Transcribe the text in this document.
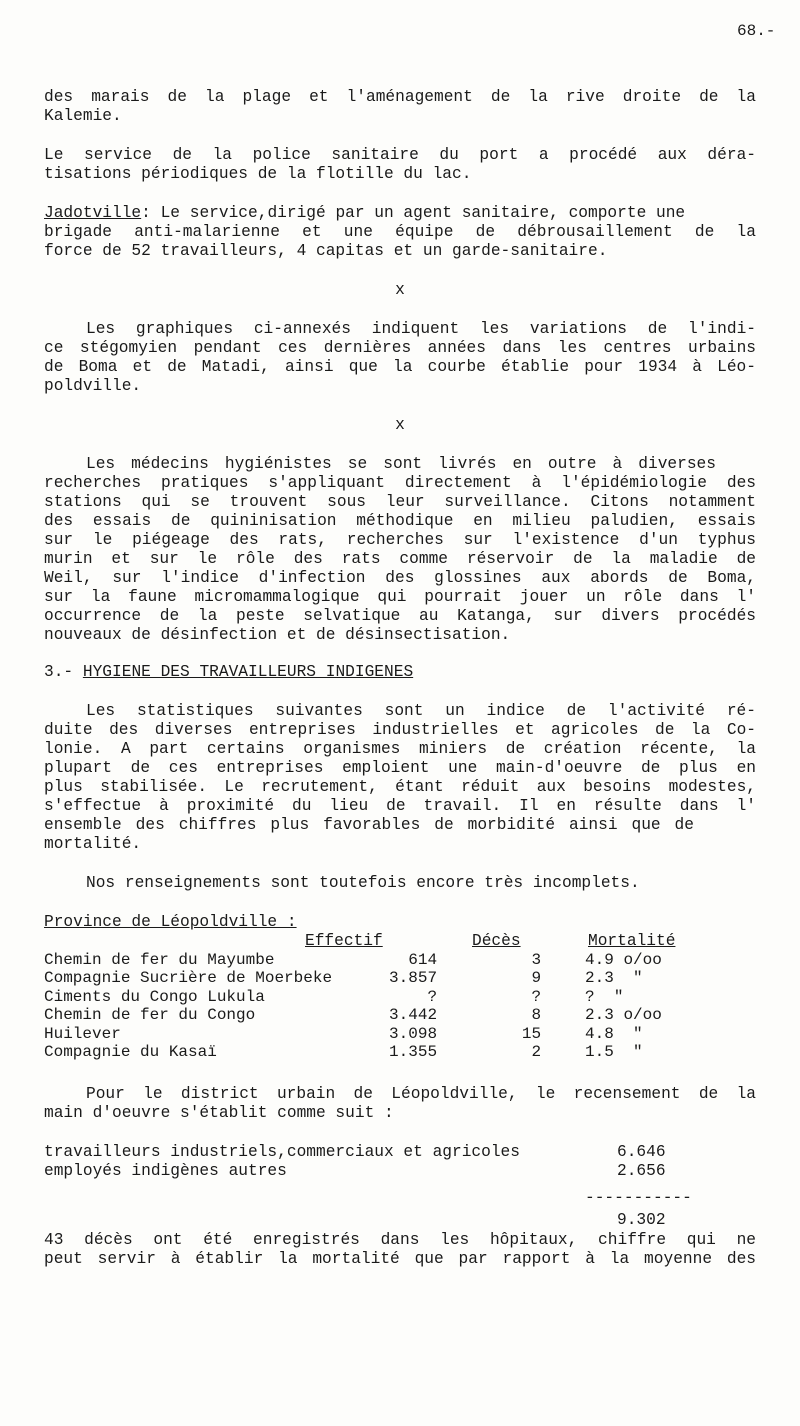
68.-
des marais de la plage et l'aménagement de la rive droite de la
Kalemie.
Le service de la police sanitaire du port a procédé aux déra-
tisations périodiques de la flotille du lac.
Jadotville: Le service,dirigé par un agent sanitaire, comporte une
brigade anti-malarienne et une équipe de débrousaillement de la
force de 52 travailleurs, 4 capitas et un garde-sanitaire.
x
Les graphiques ci-annexés indiquent les variations de l'indi-
ce stégomyien pendant ces dernières années dans les centres urbains
de Boma et de Matadi, ainsi que la courbe établie pour 1934 à Léo-
poldville.
x
Les médecins hygiénistes se sont livrés en outre à diverses
recherches pratiques s'appliquant directement à l'épidémiologie des
stations qui se trouvent sous leur surveillance. Citons notamment
des essais de quininisation méthodique en milieu paludien, essais
sur le piégeage des rats, recherches sur l'existence d'un typhus
murin et sur le rôle des rats comme réservoir de la maladie de
Weil, sur l'indice d'infection des glossines aux abords de Boma,
sur la faune micromammalogique qui pourrait jouer un rôle dans l'
occurrence de la peste selvatique au Katanga, sur divers procédés
nouveaux de désinfection et de désinsectisation.
3.- HYGIENE DES TRAVAILLEURS INDIGENES
Les statistiques suivantes sont un indice de l'activité ré-
duite des diverses entreprises industrielles et agricoles de la Co-
lonie. A part certains organismes miniers de création récente, la
plupart de ces entreprises emploient une main-d'oeuvre de plus en
plus stabilisée. Le recrutement, étant réduit aux besoins modestes,
s'effectue à proximité du lieu de travail. Il en résulte dans l'
ensemble des chiffres plus favorables de morbidité ainsi que de
mortalité.
Nos renseignements sont toutefois encore très incomplets.
Province de Léopoldville :
Effectif	Décès	Mortalité
Chemin de fer du Mayumbe	614	3	4.9 o/oo
Compagnie Sucrière de Moerbeke	3.857	9	2.3  "
Ciments du Congo Lukula	?	?	?  "
Chemin de fer du Congo	3.442	8	2.3 o/oo
Huilever	3.098	15	4.8  "
Compagnie du Kasaï	1.355	2	1.5  "
Pour le district urbain de Léopoldville, le recensement de la
main d'oeuvre s'établit comme suit :
travailleurs industriels,commerciaux et agricoles	6.646
employés indigènes autres	2.656
-----------
9.302
43 décès ont été enregistrés dans les hôpitaux, chiffre qui ne
peut servir à établir la mortalité que par rapport à la moyenne des
